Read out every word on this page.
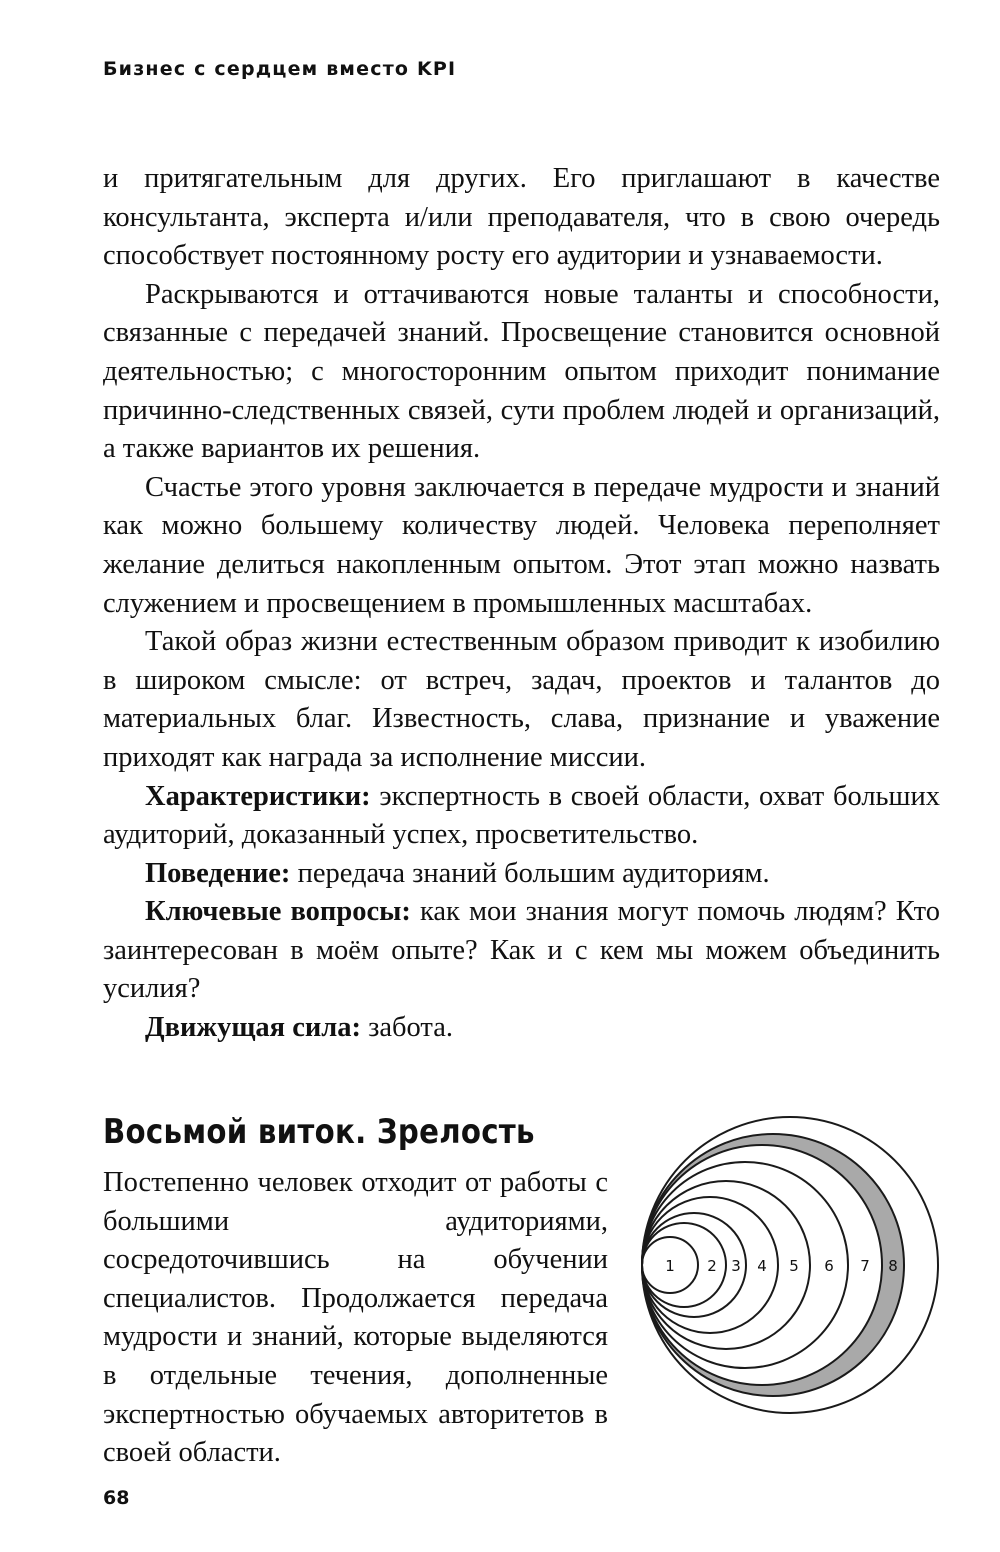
Бизнес с сердцем вместо KPI

и притягательным для других. Его приглашают в качестве консультанта, эксперта и/или преподавателя, что в свою очередь способствует постоянному росту его аудитории и узнаваемости.

Раскрываются и оттачиваются новые таланты и способности, связанные с передачей знаний. Просвещение становится основной деятельностью; с многосторонним опытом приходит понимание причинно-следственных связей, сути проблем людей и организаций, а также вариантов их решения.

Счастье этого уровня заключается в передаче мудрости и знаний как можно большему количеству людей. Человека переполняет желание делиться накопленным опытом. Этот этап можно назвать служением и просвещением в промышленных масштабах.

Такой образ жизни естественным образом приводит к изобилию в широком смысле: от встреч, задач, проектов и талантов до материальных благ. Известность, слава, признание и уважение приходят как награда за исполнение миссии.

Характеристики: экспертность в своей области, охват больших аудиторий, доказанный успех, просветительство.

Поведение: передача знаний большим аудиториям.

Ключевые вопросы: как мои знания могут помочь людям? Кто заинтересован в моём опыте? Как и с кем мы можем объединить усилия?

Движущая сила: забота.

Восьмой виток. Зрелость

Постепенно человек отходит от работы с большими аудиториями, сосредоточившись на обучении специалистов. Продолжается передача мудрости и знаний, которые выделяются в отдельные течения, дополненные экспертностью обучаемых авторитетов в своей области.

1 2 3 4 5 6 7 8
68
